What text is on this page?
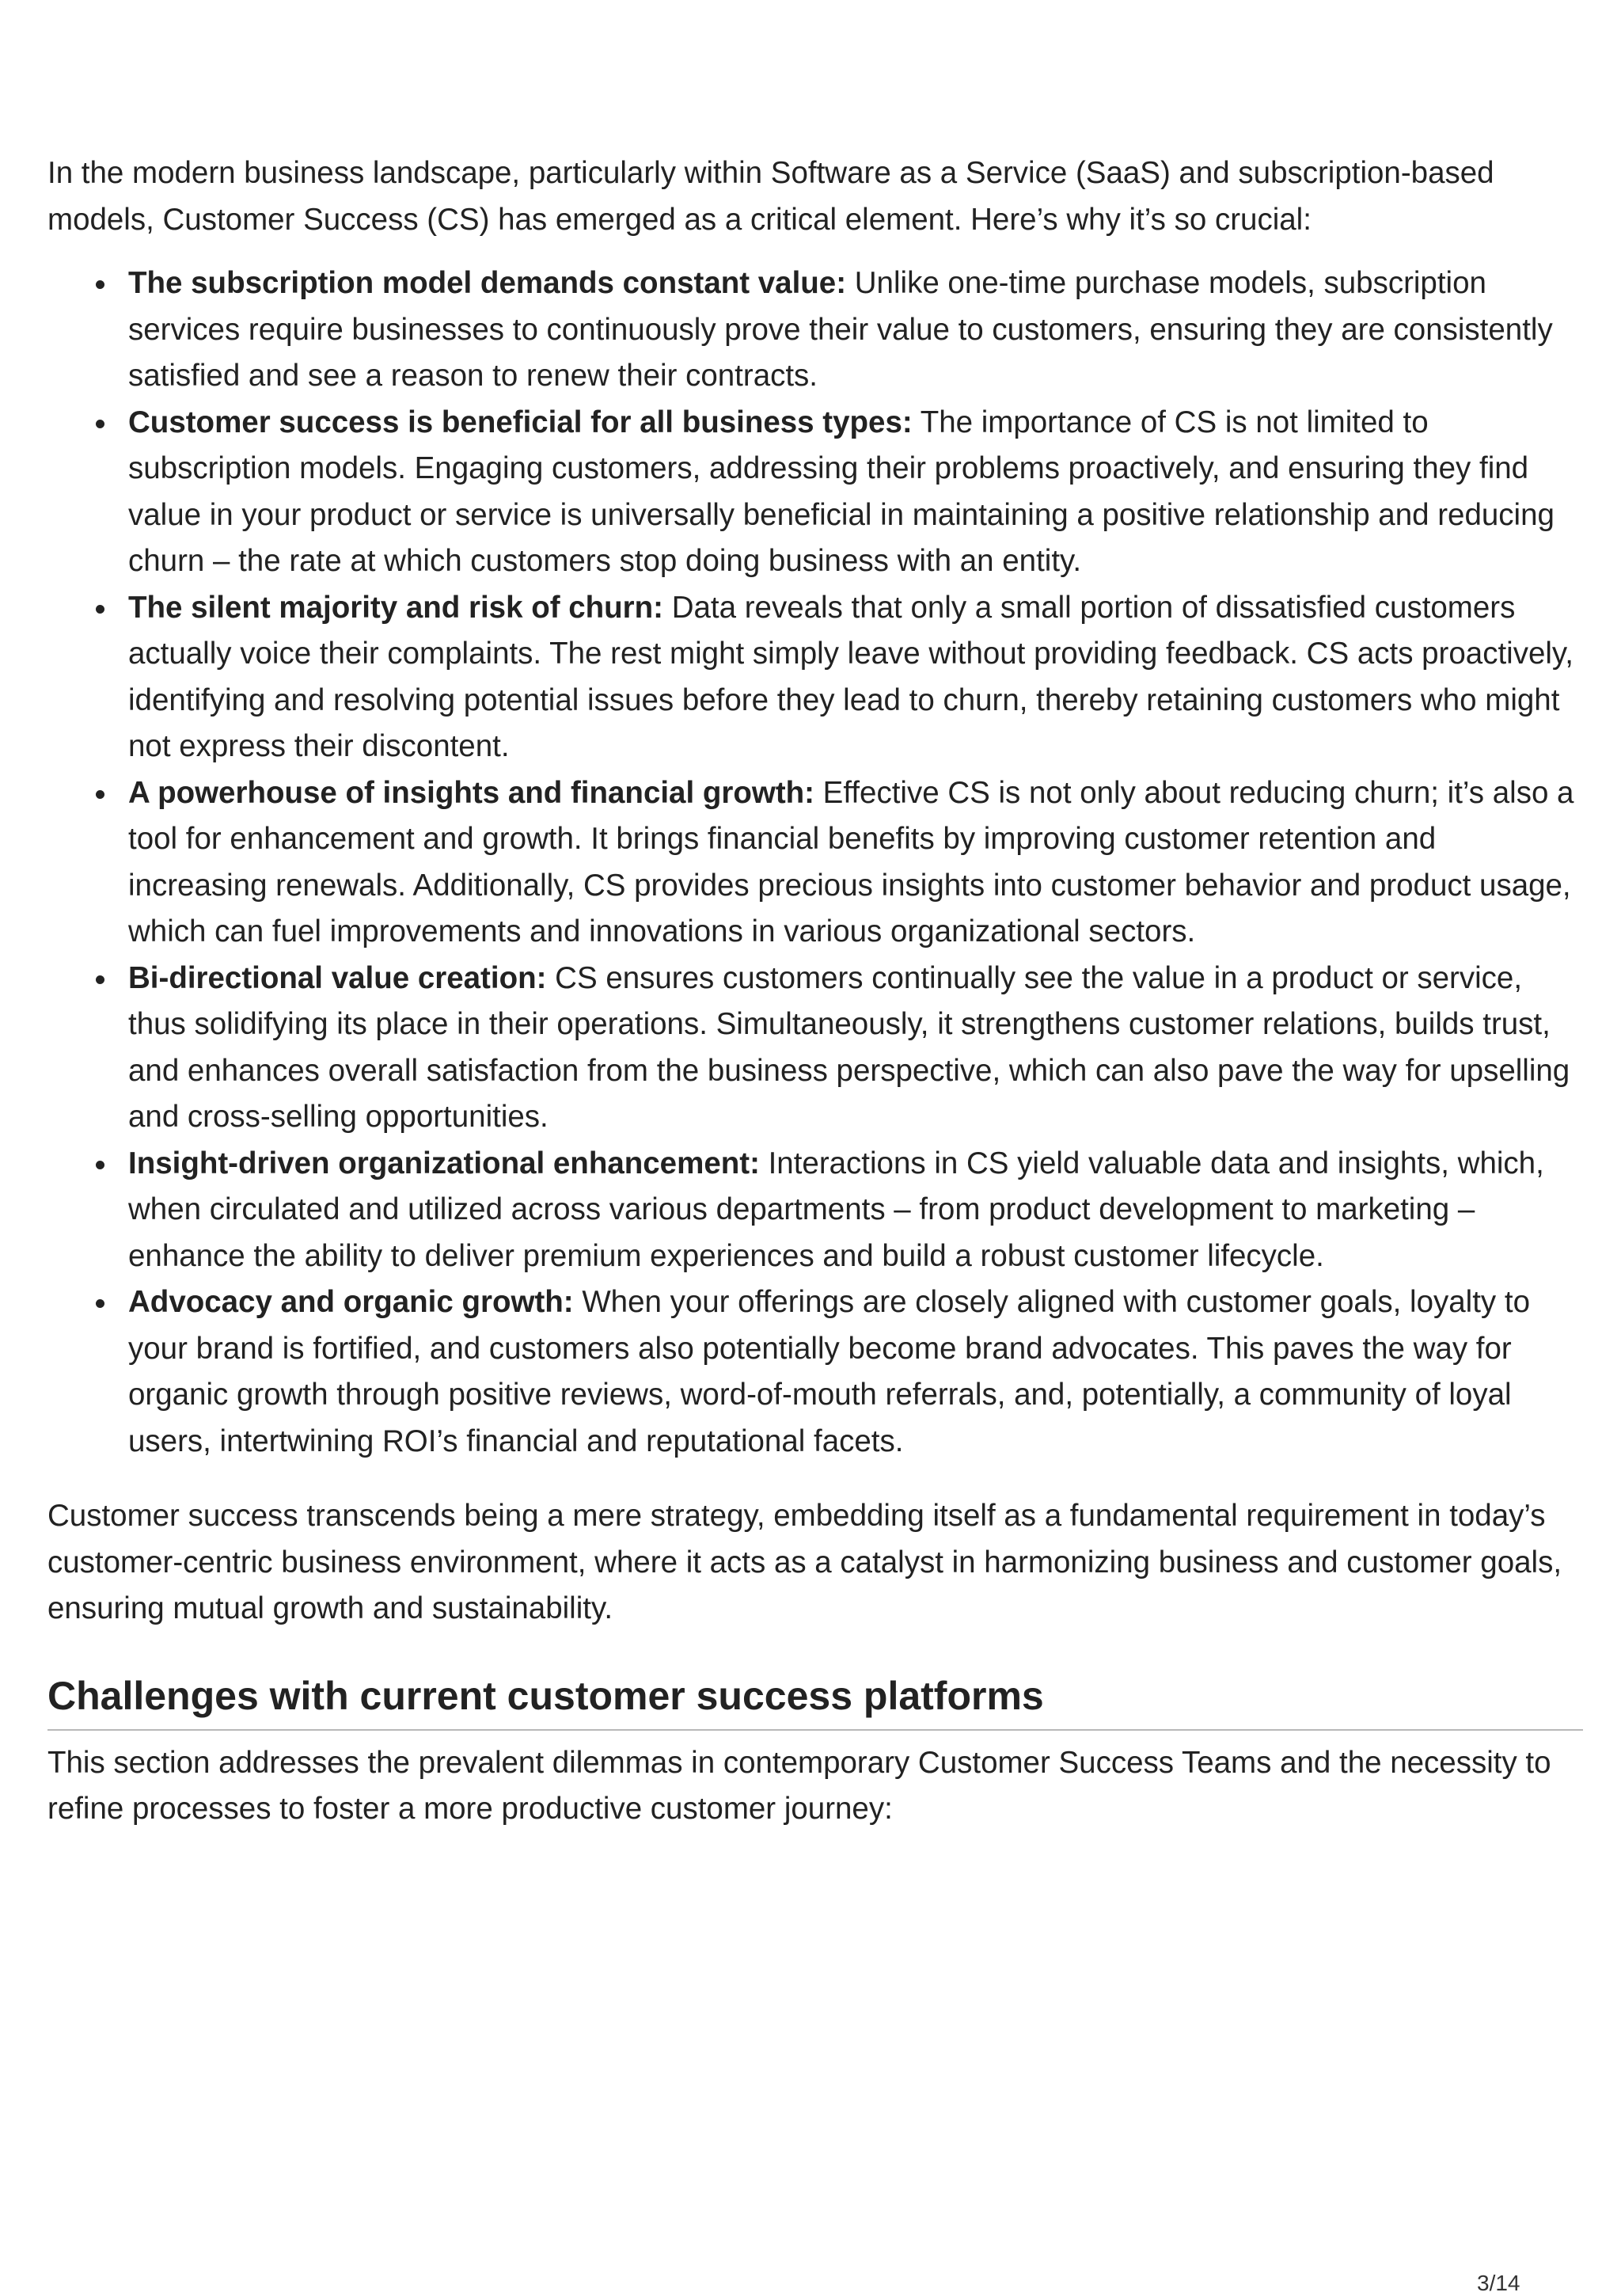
In the modern business landscape, particularly within Software as a Service (SaaS) and subscription-based models, Customer Success (CS) has emerged as a critical element. Here’s why it’s so crucial:

The subscription model demands constant value: Unlike one-time purchase models, subscription services require businesses to continuously prove their value to customers, ensuring they are consistently satisfied and see a reason to renew their contracts.
Customer success is beneficial for all business types: The importance of CS is not limited to subscription models. Engaging customers, addressing their problems proactively, and ensuring they find value in your product or service is universally beneficial in maintaining a positive relationship and reducing churn – the rate at which customers stop doing business with an entity.
The silent majority and risk of churn: Data reveals that only a small portion of dissatisfied customers actually voice their complaints. The rest might simply leave without providing feedback. CS acts proactively, identifying and resolving potential issues before they lead to churn, thereby retaining customers who might not express their discontent.
A powerhouse of insights and financial growth: Effective CS is not only about reducing churn; it’s also a tool for enhancement and growth. It brings financial benefits by improving customer retention and increasing renewals. Additionally, CS provides precious insights into customer behavior and product usage, which can fuel improvements and innovations in various organizational sectors.
Bi-directional value creation: CS ensures customers continually see the value in a product or service, thus solidifying its place in their operations. Simultaneously, it strengthens customer relations, builds trust, and enhances overall satisfaction from the business perspective, which can also pave the way for upselling and cross-selling opportunities.
Insight-driven organizational enhancement: Interactions in CS yield valuable data and insights, which, when circulated and utilized across various departments – from product development to marketing – enhance the ability to deliver premium experiences and build a robust customer lifecycle.
Advocacy and organic growth: When your offerings are closely aligned with customer goals, loyalty to your brand is fortified, and customers also potentially become brand advocates. This paves the way for organic growth through positive reviews, word-of-mouth referrals, and, potentially, a community of loyal users, intertwining ROI’s financial and reputational facets.

Customer success transcends being a mere strategy, embedding itself as a fundamental requirement in today’s customer-centric business environment, where it acts as a catalyst in harmonizing business and customer goals, ensuring mutual growth and sustainability.

Challenges with current customer success platforms

This section addresses the prevalent dilemmas in contemporary Customer Success Teams and the necessity to refine processes to foster a more productive customer journey:

3/14
